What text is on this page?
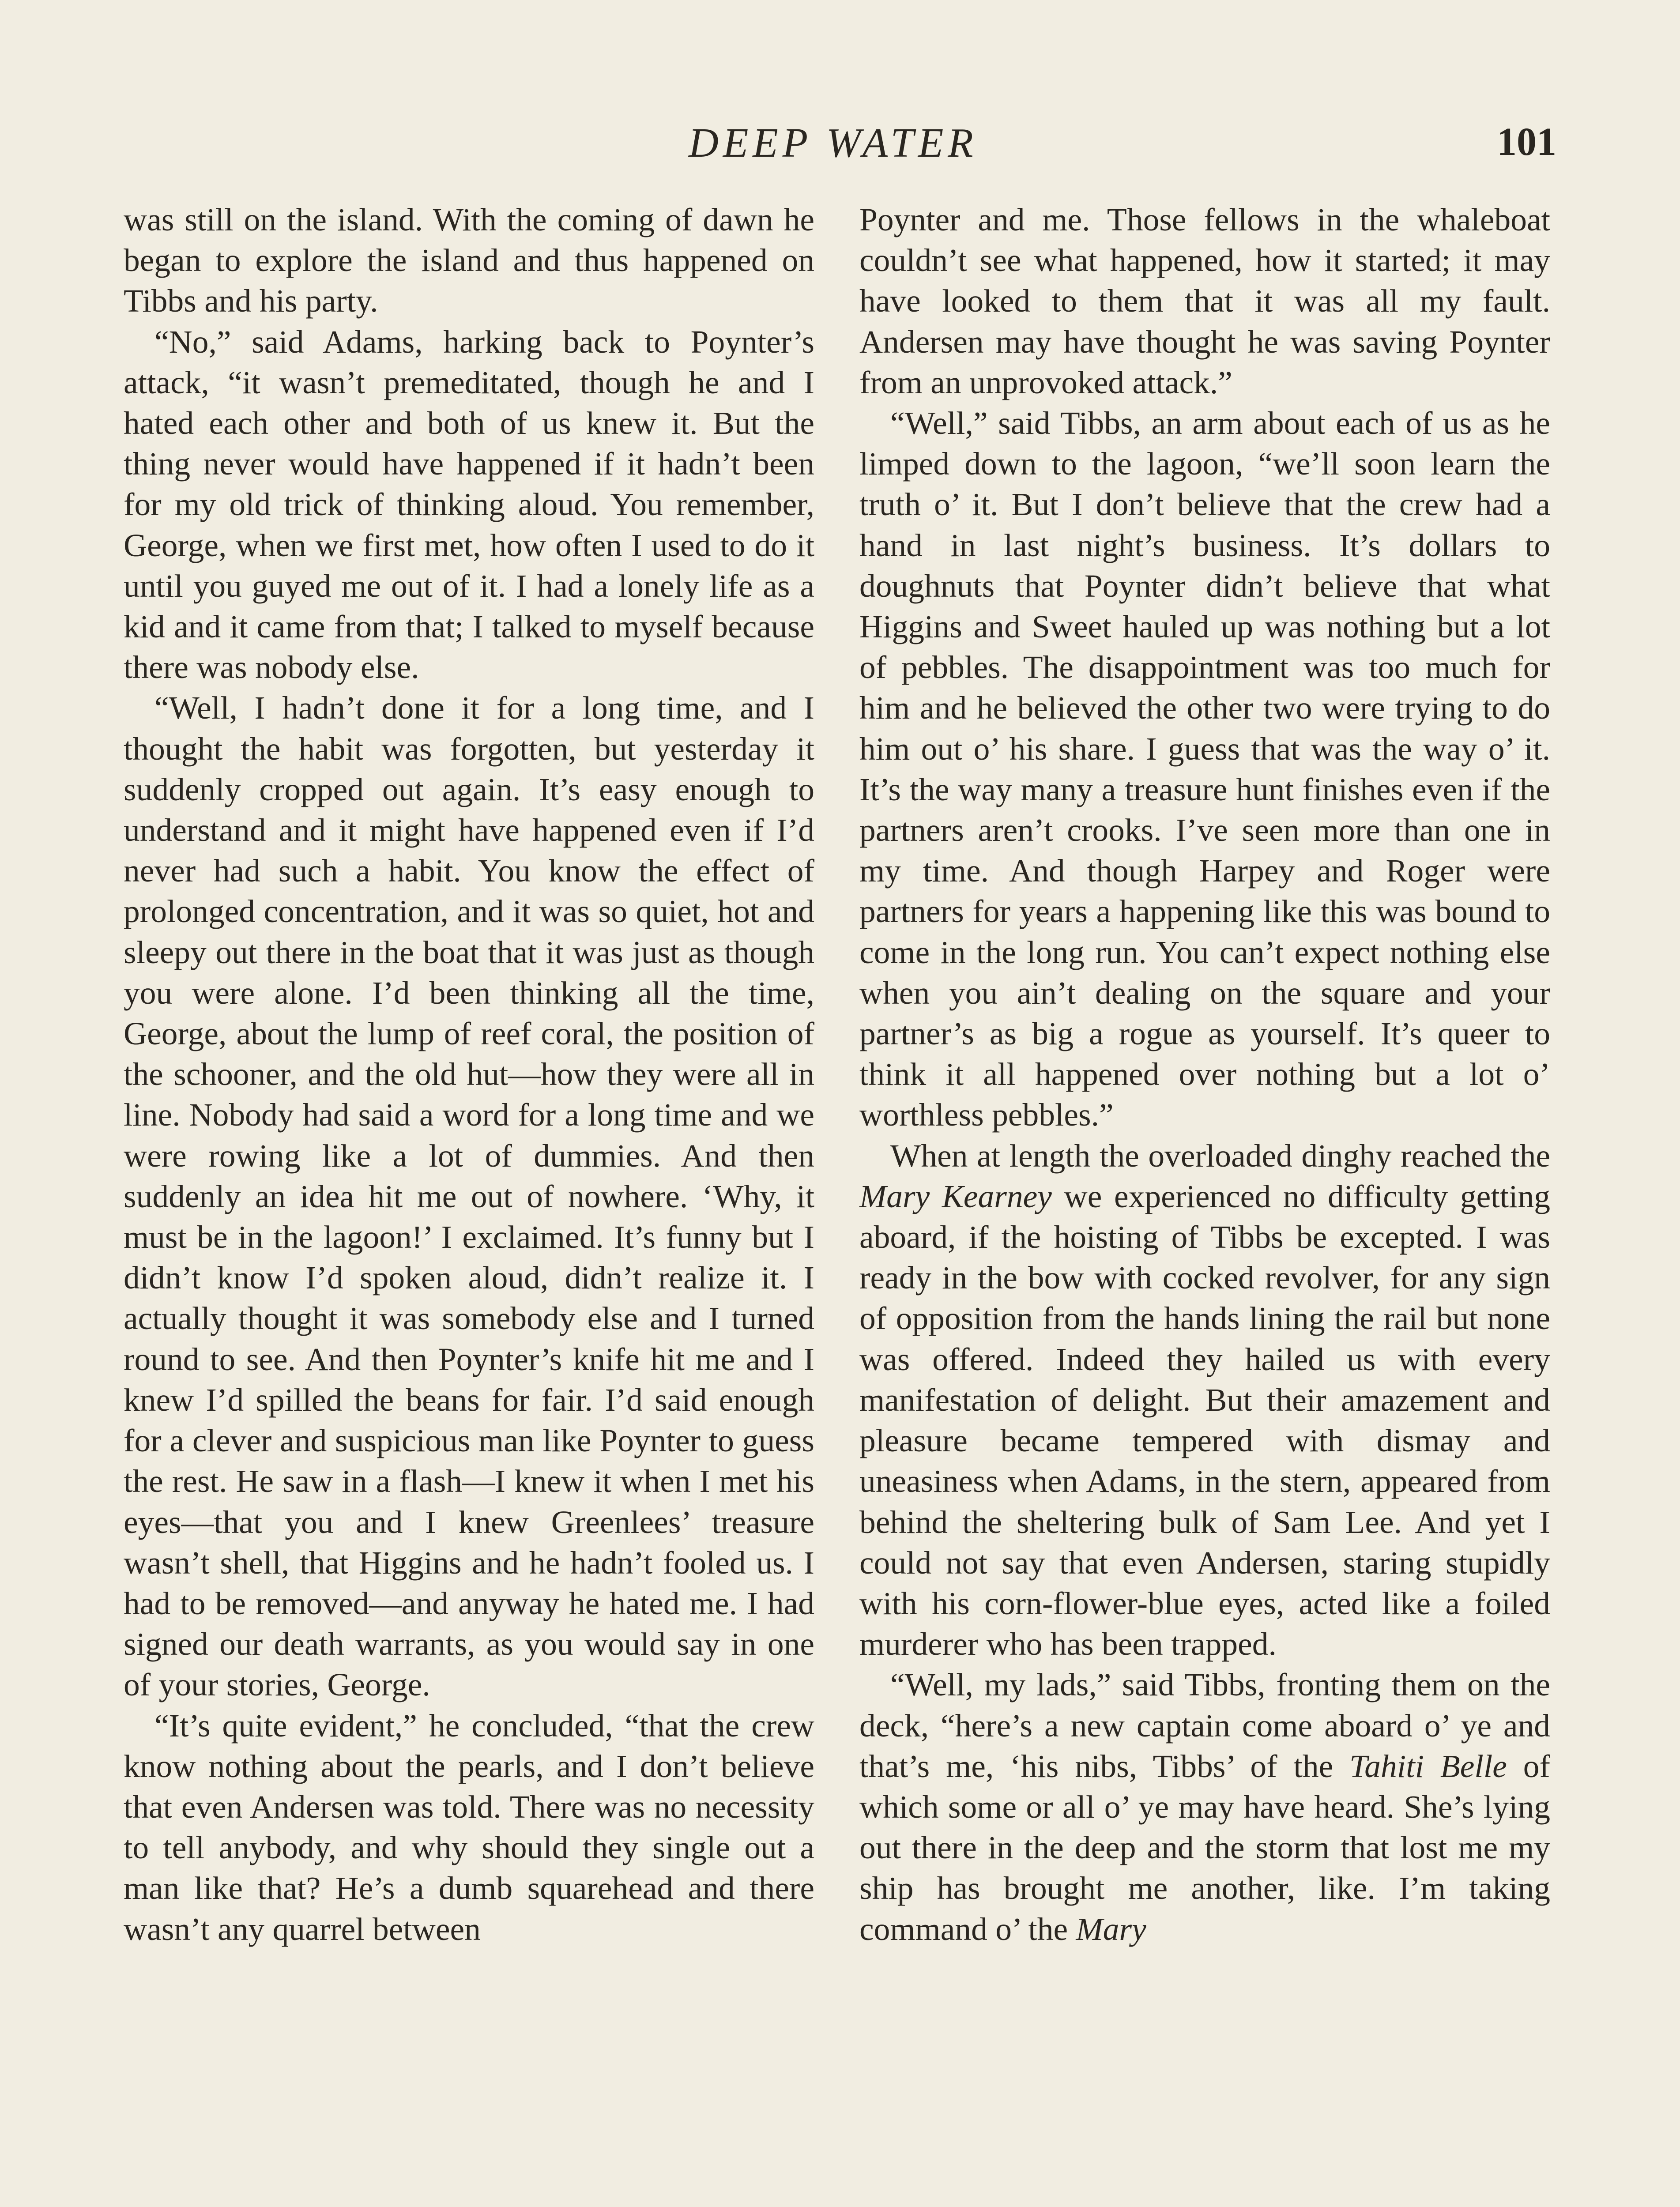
DEEP WATER	101

was still on the island. With the coming of dawn he began to explore the island and thus happened on Tibbs and his party.

“No,” said Adams, harking back to Poynter’s attack, “it wasn’t premeditated, though he and I hated each other and both of us knew it. But the thing never would have happened if it hadn’t been for my old trick of thinking aloud. You remember, George, when we first met, how often I used to do it until you guyed me out of it. I had a lonely life as a kid and it came from that; I talked to myself because there was nobody else.

“Well, I hadn’t done it for a long time, and I thought the habit was forgotten, but yesterday it suddenly cropped out again. It’s easy enough to understand and it might have happened even if I’d never had such a habit. You know the effect of prolonged concentration, and it was so quiet, hot and sleepy out there in the boat that it was just as though you were alone. I’d been thinking all the time, George, about the lump of reef coral, the position of the schooner, and the old hut—how they were all in line. Nobody had said a word for a long time and we were rowing like a lot of dummies. And then suddenly an idea hit me out of nowhere. ‘Why, it must be in the lagoon!’ I exclaimed. It’s funny but I didn’t know I’d spoken aloud, didn’t realize it. I actually thought it was somebody else and I turned round to see. And then Poynter’s knife hit me and I knew I’d spilled the beans for fair. I’d said enough for a clever and suspicious man like Poynter to guess the rest. He saw in a flash—I knew it when I met his eyes—that you and I knew Greenlees’ treasure wasn’t shell, that Higgins and he hadn’t fooled us. I had to be removed—and anyway he hated me. I had signed our death warrants, as you would say in one of your stories, George.

“It’s quite evident,” he concluded, “that the crew know nothing about the pearls, and I don’t believe that even Andersen was told. There was no necessity to tell anybody, and why should they single out a man like that? He’s a dumb squarehead and there wasn’t any quarrel between

Poynter and me. Those fellows in the whaleboat couldn’t see what happened, how it started; it may have looked to them that it was all my fault. Andersen may have thought he was saving Poynter from an unprovoked attack.”

“Well,” said Tibbs, an arm about each of us as he limped down to the lagoon, “we’ll soon learn the truth o’ it. But I don’t believe that the crew had a hand in last night’s business. It’s dollars to doughnuts that Poynter didn’t believe that what Higgins and Sweet hauled up was nothing but a lot of pebbles. The disappointment was too much for him and he believed the other two were trying to do him out o’ his share. I guess that was the way o’ it. It’s the way many a treasure hunt finishes even if the partners aren’t crooks. I’ve seen more than one in my time. And though Harpey and Roger were partners for years a happening like this was bound to come in the long run. You can’t expect nothing else when you ain’t dealing on the square and your partner’s as big a rogue as yourself. It’s queer to think it all happened over nothing but a lot o’ worthless pebbles.”

When at length the overloaded dinghy reached the Mary Kearney we experienced no difficulty getting aboard, if the hoisting of Tibbs be excepted. I was ready in the bow with cocked revolver, for any sign of opposition from the hands lining the rail but none was offered. Indeed they hailed us with every manifestation of delight. But their amazement and pleasure became tempered with dismay and uneasiness when Adams, in the stern, appeared from behind the sheltering bulk of Sam Lee. And yet I could not say that even Andersen, staring stupidly with his corn-flower-blue eyes, acted like a foiled murderer who has been trapped.

“Well, my lads,” said Tibbs, fronting them on the deck, “here’s a new captain come aboard o’ ye and that’s me, ‘his nibs, Tibbs’ of the Tahiti Belle of which some or all o’ ye may have heard. She’s lying out there in the deep and the storm that lost me my ship has brought me another, like. I’m taking command o’ the Mary
